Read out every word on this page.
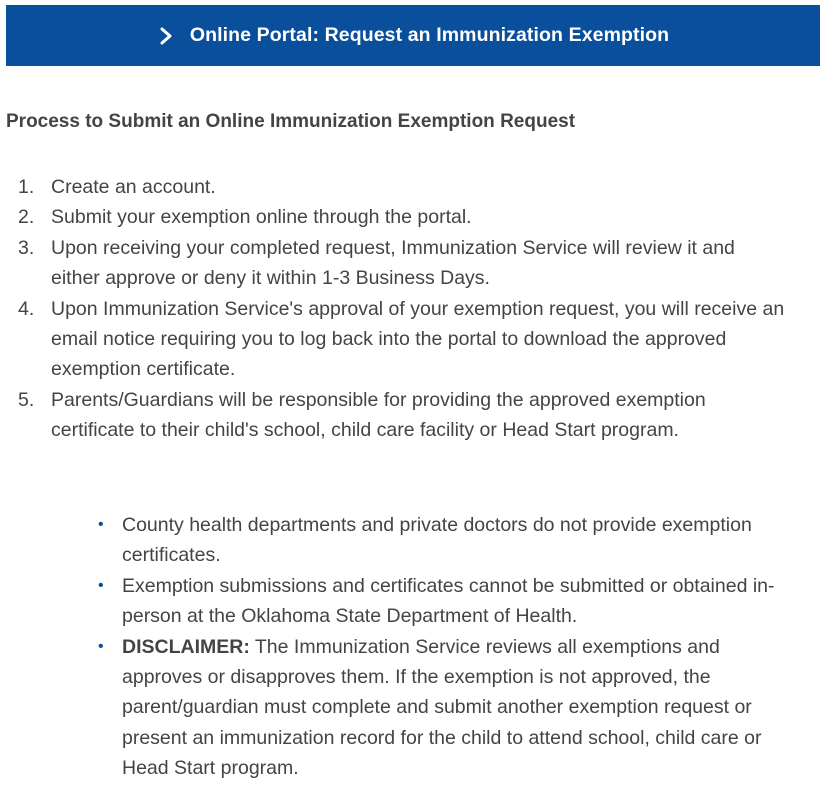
Online Portal: Request an Immunization Exemption
Process to Submit an Online Immunization Exemption Request
1. Create an account.
2. Submit your exemption online through the portal.
3. Upon receiving your completed request, Immunization Service will review it and either approve or deny it within 1-3 Business Days.
4. Upon Immunization Service's approval of your exemption request, you will receive an email notice requiring you to log back into the portal to download the approved exemption certificate.
5. Parents/Guardians will be responsible for providing the approved exemption certificate to their child's school, child care facility or Head Start program.
• County health departments and private doctors do not provide exemption certificates.
• Exemption submissions and certificates cannot be submitted or obtained in-person at the Oklahoma State Department of Health.
• DISCLAIMER: The Immunization Service reviews all exemptions and approves or disapproves them. If the exemption is not approved, the parent/guardian must complete and submit another exemption request or present an immunization record for the child to attend school, child care or Head Start program.
